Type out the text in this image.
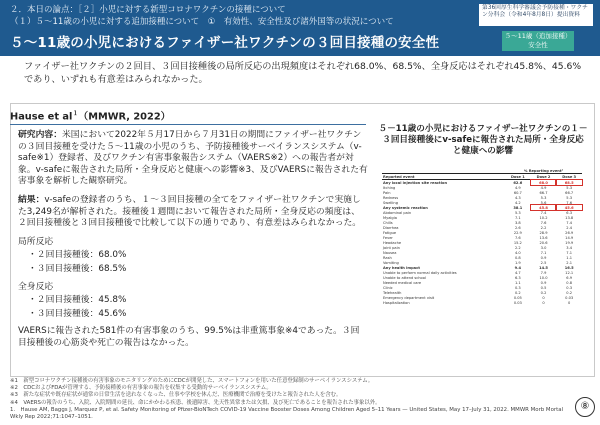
２．本日の論点：［２］小児に対する新型コロナワクチンの接種について
（１）５～11歳の小児に対する追加接種について　①　有効性、安全性及び諸外国等の状況について
５～11歳の小児におけるファイザー社ワクチンの３回目接種の安全性
第36回厚生科学審議会予防接種・ワクチン分科会（令和4年8月8日）提出資料
５～11歳（追加接種） 安全性
ファイザー社ワクチンの２回目、３回目接種後の局所反応の出現頻度はそれぞれ68.0%、68.5%、全身反応はそれぞれ45.8%、45.6%であり、いずれも有意差はみられなかった。
Hause et $al^1(MMWR$, 2022）

研究内容：米国において2022年５月17日から７月31日の期間にファイザー社ワクチンの３回目接種を受けた５～11歳の小児のうち、予防接種後サーベイランスシステム（v-safe※1）登録者、及びワクチン有害事象報告システム（VAERS※2）への報告者が対象。v-safeに報告された局所・全身反応と健康への影響※3、及びVAERSに報告された有害事象を解析した観察研究。

結果：v-safeの登録者のうち、１～３回目接種の全てをファイザー社ワクチンで実施した3,249名が解析された。接種後１週間において報告された局所・全身反応の頻度は、２回目接種後と３回目接種後で比較して以下の通りであり、有意差はみられなかった。

局所反応
・２回目接種後：68.0%
・３回目接種後：68.5%
全身反応
・２回目接種後：45.8%
・３回目接種後：45.6%
VAERSに報告された581件の有害事象のうち、99.5%は非重篤事象※4であった。３回目接種後の心筋炎や死亡の報告はなかった。
５－11歳の小児におけるファイザー社ワクチンの１－３回目接種後にv-safeに報告された局所・全身反応と健康への影響
	% Reporting event¹		
Reported event	Dose 1	Dose 2	Dose 3
Any local injection site reaction	62.6	68.0	68.5
Itching	4.9	4.9	5.3
Pain	60.7	66.7	66.7
Redness	4.3	5.3	5.3
Swelling	4.2	5.6	7.6
Any systemic reaction	38.1	45.8	45.6
Abdominal pain	5.3	7.4	6.3
Myalgia	7.1	10.2	13.8
Chills	3.8	7.6	7.4
Diarrhea	2.6	2.2	2.4
Fatigue	22.9	28.9	26.9
Fever	7.6	13.6	14.9
Headache	15.2	20.6	19.9
Joint pain	2.2	3.0	3.4
Nausea	4.0	7.1	7.1
Rash	0.8	0.9	1.1
Vomiting	1.9	2.5	2.1
Any health impact	9.4	14.5	16.5
Unable to perform normal daily activities	4.7	7.9	12.1
Unable to attend school	6.3	10.0	6.9
Needed medical care	1.1	0.9	0.8
Clinic	0.3	0.5	0.3
Telehealth	0.2	0.2	0.2
Emergency department visit	0.05	0	0.03
Hospitalization	0.03	0	0
※1　新型コロナワクチン接種後の有害事象のモニタリングのためにCDCが開発した、スマートフォンを用いた任意登録制のサーベイランスシステム。
※2　CDCおよびFDAが管理する、予防接種後の有害事象の報告を収集する受動的サーベイランスシステム。
※3　新たな症状や既存症状が通常の日常生活を送れなくなった、仕事や学校を休んだ、医療機関で治療を受けたと報告された人を含む。
※4　VAERSの報告のうち、入院、入院期間の延長、命にかかわる疾患、後遺障害、先天性異常または欠損、及び死亡であることを報告された事象以外。
1.　Hause AM, Baggs J, Marquez P, et al. Safety Monitoring of Pfizer-BioNTech COVID-19 Vaccine Booster Doses Among Children Aged 5–11 Years — United States, May 17–July 31, 2022. MMWR Morb Mortal Wkly Rep 2022;71:1047–1051.
⑧
